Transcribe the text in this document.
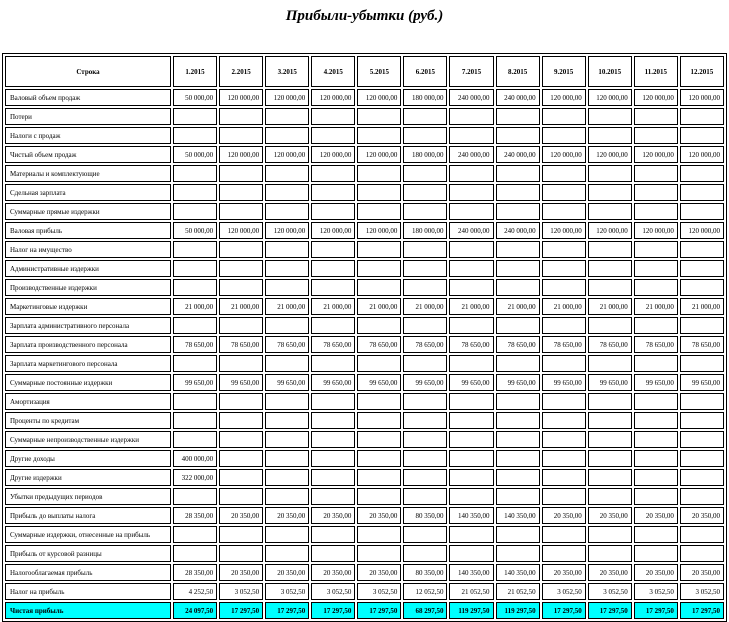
Прибыли-убытки (руб.)
Строка	1.2015	2.2015	3.2015	4.2015	5.2015	6.2015	7.2015	8.2015	9.2015	10.2015	11.2015	12.2015
Валовый объем продаж	50 000,00	120 000,00	120 000,00	120 000,00	120 000,00	180 000,00	240 000,00	240 000,00	120 000,00	120 000,00	120 000,00	120 000,00
Потери												
Налоги с продаж												
Чистый объем продаж	50 000,00	120 000,00	120 000,00	120 000,00	120 000,00	180 000,00	240 000,00	240 000,00	120 000,00	120 000,00	120 000,00	120 000,00
Материалы и комплектующие												
Сдельная зарплата												
Суммарные прямые издержки												
Валовая прибыль	50 000,00	120 000,00	120 000,00	120 000,00	120 000,00	180 000,00	240 000,00	240 000,00	120 000,00	120 000,00	120 000,00	120 000,00
Налог на имущество												
Административные издержки												
Производственные издержки												
Маркетинговые издержки	21 000,00	21 000,00	21 000,00	21 000,00	21 000,00	21 000,00	21 000,00	21 000,00	21 000,00	21 000,00	21 000,00	21 000,00
Зарплата административного персонала												
Зарплата производственного персонала	78 650,00	78 650,00	78 650,00	78 650,00	78 650,00	78 650,00	78 650,00	78 650,00	78 650,00	78 650,00	78 650,00	78 650,00
Зарплата маркетингового персонала												
Суммарные постоянные издержки	99 650,00	99 650,00	99 650,00	99 650,00	99 650,00	99 650,00	99 650,00	99 650,00	99 650,00	99 650,00	99 650,00	99 650,00
Амортизация												
Проценты по кредитам												
Суммарные непроизводственные издержки												
Другие доходы	400 000,00											
Другие издержки	322 000,00											
Убытки предыдущих периодов												
Прибыль до выплаты налога	28 350,00	20 350,00	20 350,00	20 350,00	20 350,00	80 350,00	140 350,00	140 350,00	20 350,00	20 350,00	20 350,00	20 350,00
Суммарные издержки, отнесенные на прибыль												
Прибыль от курсовой разницы												
Налогооблагаемая прибыль	28 350,00	20 350,00	20 350,00	20 350,00	20 350,00	80 350,00	140 350,00	140 350,00	20 350,00	20 350,00	20 350,00	20 350,00
Налог на прибыль	4 252,50	3 052,50	3 052,50	3 052,50	3 052,50	12 052,50	21 052,50	21 052,50	3 052,50	3 052,50	3 052,50	3 052,50
Чистая прибыль	24 097,50	17 297,50	17 297,50	17 297,50	17 297,50	68 297,50	119 297,50	119 297,50	17 297,50	17 297,50	17 297,50	17 297,50
